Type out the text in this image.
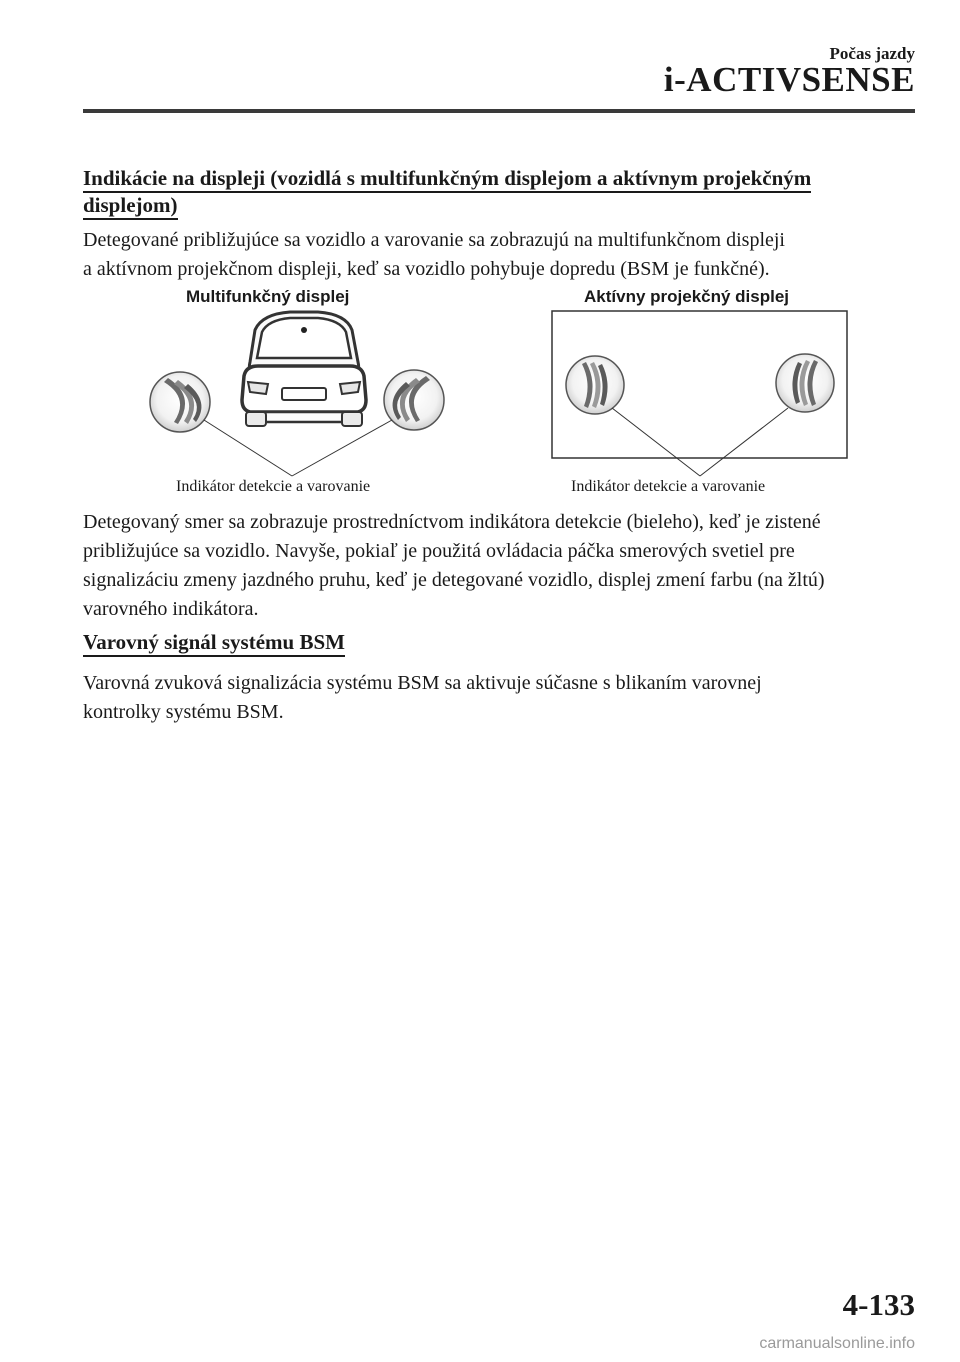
Počas jazdy
i-ACTIVSENSE
Indikácie na displeji (vozidlá s multifunkčným displejom a aktívnym projekčným

displejom)

Detegované približujúce sa vozidlo a varovanie sa zobrazujú na multifunkčnom displeji
a aktívnom projekčnom displeji, keď sa vozidlo pohybuje dopredu (BSM je funkčné).

Multifunkčný displej	Aktívny projekčný displej
Indikátor detekcie a varovanie	Indikátor detekcie a varovanie

Detegovaný smer sa zobrazuje prostredníctvom indikátora detekcie (bieleho), keď je zistené
približujúce sa vozidlo. Navyše, pokiaľ je použitá ovládacia páčka smerových svetiel pre
signalizáciu zmeny jazdného pruhu, keď je detegované vozidlo, displej zmení farbu (na žltú)
varovného indikátora.

Varovný signál systému BSM

Varovná zvuková signalizácia systému BSM sa aktivuje súčasne s blikaním varovnej
kontrolky systému BSM.

4-133
carmanualsonline.info
